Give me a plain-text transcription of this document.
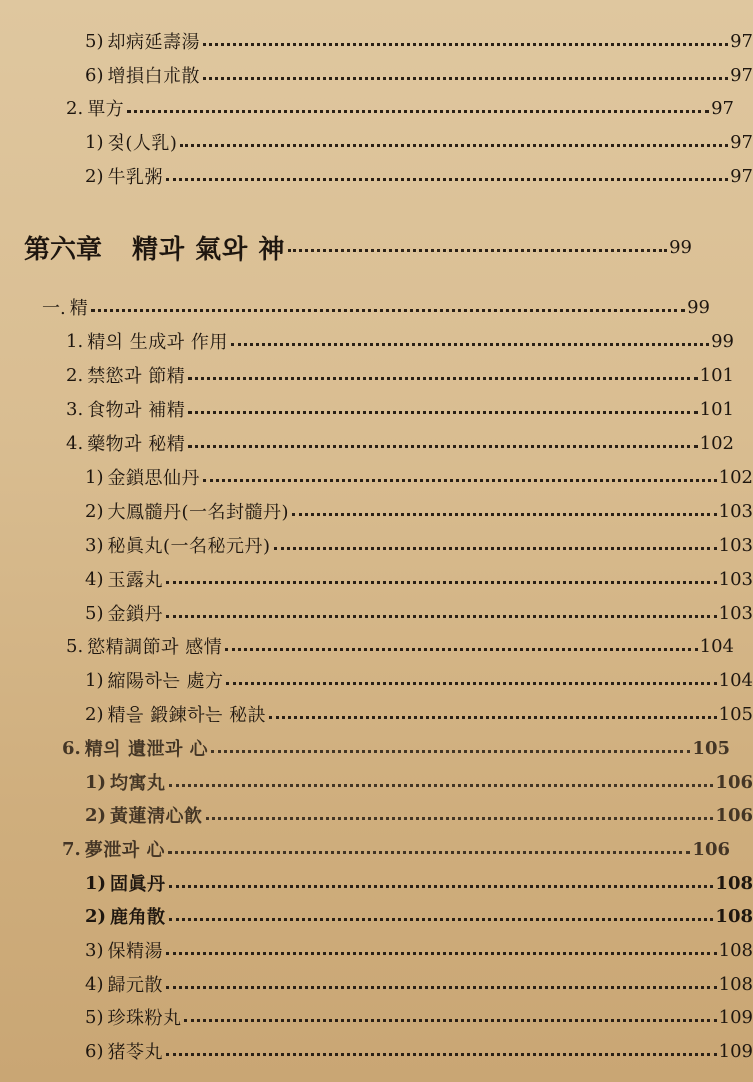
5) 却病延壽湯	97
6) 增損白朮散	97
2. 單方	97
1) 젖(人乳)	97
2) 牛乳粥	97
第六章	精과 氣와 神	99
一. 精	99
1. 精의 生成과 作用	99
2. 禁慾과 節精	101
3. 食物과 補精	101
4. 藥物과 秘精	102
1) 金鎖思仙丹	102
2) 大鳳髓丹(一名封髓丹)	103
3) 秘眞丸(一名秘元丹)	103
4) 玉露丸	103
5) 金鎖丹	103
5. 慾精調節과 感情	104
1) 縮陽하는 處方	104
2) 精을 鍛鍊하는 秘訣	105
6. 精의 遺泄과 心	105
1) 均寓丸	106
2) 黃蓮淸心飮	106
7. 夢泄과 心	106
1) 固眞丹	108
2) 鹿角散	108
3) 保精湯	108
4) 歸元散	108
5) 珍珠粉丸	109
6) 猪苓丸	109
